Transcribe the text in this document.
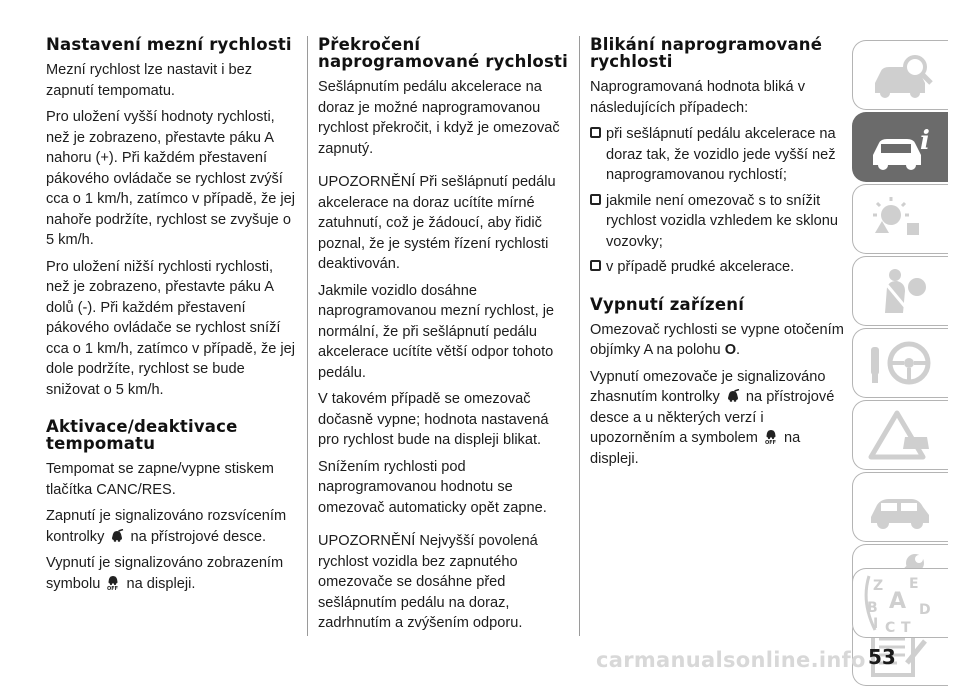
Nastavení mezní rychlosti

Mezní rychlost lze nastavit i bez zapnutí tempomatu.

Pro uložení vyšší hodnoty rychlosti, než je zobrazeno, přestavte páku A nahoru (+). Při každém přestavení pákového ovládače se rychlost zvýší cca o 1 km/h, zatímco v případě, že jej nahoře podržíte, rychlost se zvyšuje o 5 km/h.

Pro uložení nižší rychlosti rychlosti, než je zobrazeno, přestavte páku A dolů (-). Při každém přestavení pákového ovládače se rychlost sníží cca o 1 km/h, zatímco v případě, že jej dole podržíte, rychlost se bude snižovat o 5 km/h.

Aktivace/deaktivace tempomatu

Tempomat se zapne/vypne stiskem tlačítka CANC/RES.

Zapnutí je signalizováno rozsvícením kontrolky na přístrojové desce.

Vypnutí je signalizováno zobrazením symbolu na displeji.

Překročení naprogramované rychlosti

Sešlápnutím pedálu akcelerace na doraz je možné naprogramovanou rychlost překročit, i když je omezovač zapnutý.

UPOZORNĚNÍ Při sešlápnutí pedálu akcelerace na doraz ucítíte mírné zatuhnutí, což je žádoucí, aby řidič poznal, že je systém řízení rychlosti deaktivován.

Jakmile vozidlo dosáhne naprogramovanou mezní rychlost, je normální, že při sešlápnutí pedálu akcelerace ucítíte větší odpor tohoto pedálu.

V takovém případě se omezovač dočasně vypne; hodnota nastavená pro rychlost bude na displeji blikat.

Snížením rychlosti pod naprogramovanou hodnotu se omezovač automaticky opět zapne.

UPOZORNĚNÍ Nejvyšší povolená rychlost vozidla bez zapnutého omezovače se dosáhne před sešlápnutím pedálu na doraz, zadrhnutím a zvýšením odporu.

Blikání naprogramované rychlosti

Naprogramovaná hodnota bliká v následujících případech:

při sešlápnutí pedálu akcelerace na doraz tak, že vozidlo jede vyšší než naprogramovanou rychlostí;
jakmile není omezovač s to snížit rychlost vozidla vzhledem ke sklonu vozovky;
v případě prudké akcelerace.
Vypnutí zařízení

Omezovač rychlosti se vypne otočením objímky A na polohu O.

Vypnutí omezovače je signalizováno zhasnutím kontrolky na přístrojové desce a u některých verzí i upozorněním a symbolem na displeji.

i
Z E
B A D
I C T
carmanualsonline.info 53
